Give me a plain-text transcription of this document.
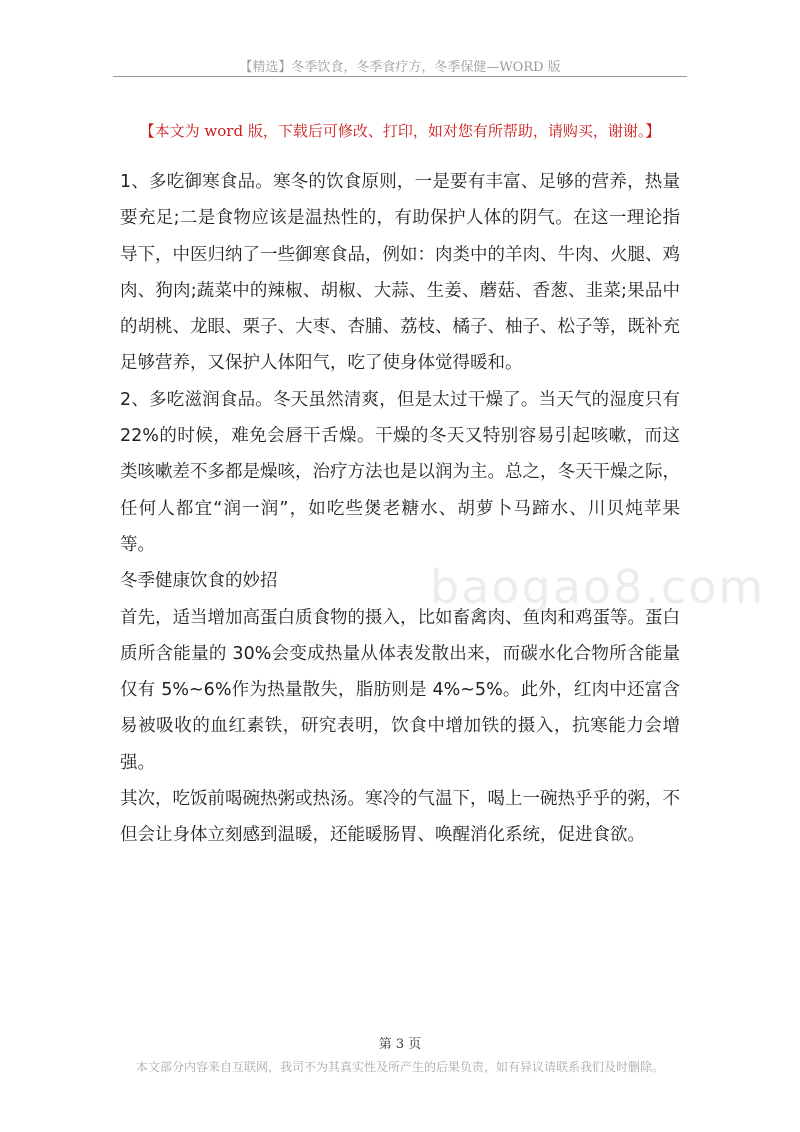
【精选】冬季饮食，冬季食疗方，冬季保健—WORD 版
【本文为 word 版，下载后可修改、打印，如对您有所帮助，请购买，谢谢。】

1、多吃御寒食品。寒冬的饮食原则，一是要有丰富、足够的营养，热量要充足;二是食物应该是温热性的，有助保护人体的阴气。在这一理论指导下，中医归纳了一些御寒食品，例如：肉类中的羊肉、牛肉、火腿、鸡肉、狗肉;蔬菜中的辣椒、胡椒、大蒜、生姜、蘑菇、香葱、韭菜;果品中的胡桃、龙眼、栗子、大枣、杏脯、荔枝、橘子、柚子、松子等，既补充足够营养，又保护人体阳气，吃了使身体觉得暖和。

2、多吃滋润食品。冬天虽然清爽，但是太过干燥了。当天气的湿度只有 22%的时候，难免会唇干舌燥。干燥的冬天又特别容易引起咳嗽，而这类咳嗽差不多都是燥咳，治疗方法也是以润为主。总之，冬天干燥之际，任何人都宜“润一润”，如吃些煲老糖水、胡萝卜马蹄水、川贝炖苹果等。

冬季健康饮食的妙招

首先，适当增加高蛋白质食物的摄入，比如畜禽肉、鱼肉和鸡蛋等。蛋白质所含能量的 30%会变成热量从体表发散出来，而碳水化合物所含能量仅有 5%~6%作为热量散失，脂肪则是 4%~5%。此外，红肉中还富含易被吸收的血红素铁，研究表明，饮食中增加铁的摄入，抗寒能力会增强。

其次，吃饭前喝碗热粥或热汤。寒冷的气温下，喝上一碗热乎乎的粥，不但会让身体立刻感到温暖，还能暖肠胃、唤醒消化系统，促进食欲。

baogao8.com
第 3 页
本文部分内容来自互联网，我司不为其真实性及所产生的后果负责，如有异议请联系我们及时删除。
